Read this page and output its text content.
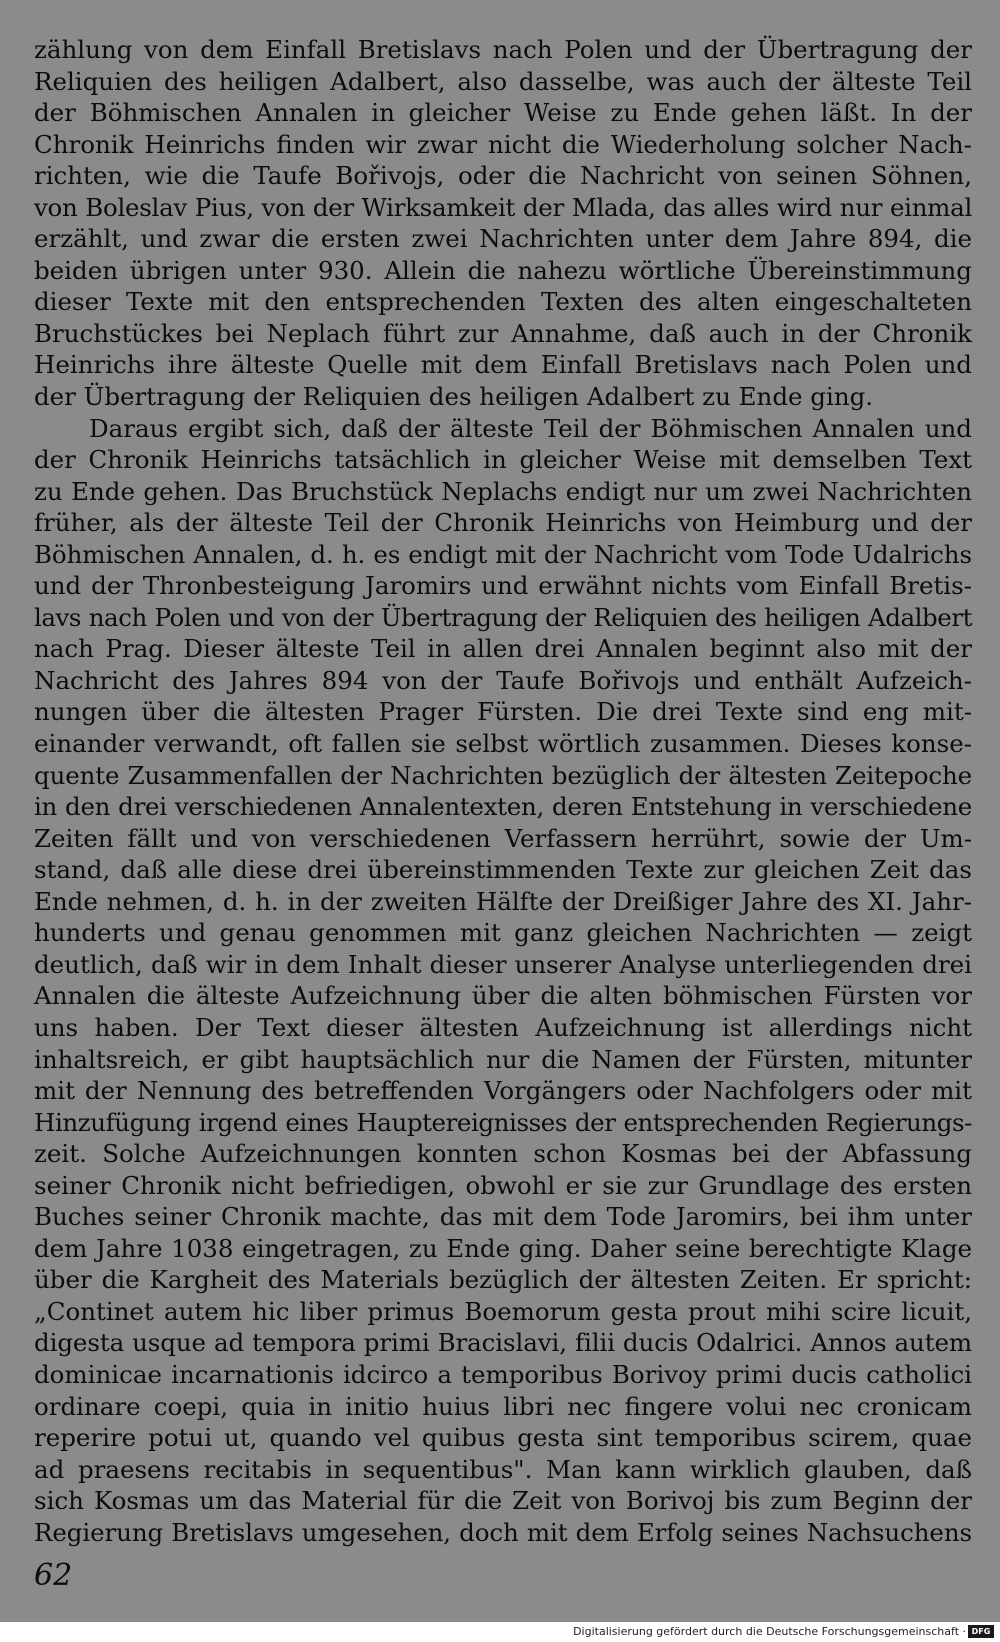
zählung von dem Einfall Bretislavs nach Polen und der Übertragung der
Reliquien des heiligen Adalbert, also dasselbe, was auch der älteste Teil
der Böhmischen Annalen in gleicher Weise zu Ende gehen läßt. In der
Chronik Heinrichs finden wir zwar nicht die Wiederholung solcher Nach-
richten, wie die Taufe Bořivojs, oder die Nachricht von seinen Söhnen,
von Boleslav Pius, von der Wirksamkeit der Mlada, das alles wird nur einmal
erzählt, und zwar die ersten zwei Nachrichten unter dem Jahre 894, die
beiden übrigen unter 930. Allein die nahezu wörtliche Übereinstimmung
dieser Texte mit den entsprechenden Texten des alten eingeschalteten
Bruchstückes bei Neplach führt zur Annahme, daß auch in der Chronik
Heinrichs ihre älteste Quelle mit dem Einfall Bretislavs nach Polen und
der Übertragung der Reliquien des heiligen Adalbert zu Ende ging.
Daraus ergibt sich, daß der älteste Teil der Böhmischen Annalen und
der Chronik Heinrichs tatsächlich in gleicher Weise mit demselben Text
zu Ende gehen. Das Bruchstück Neplachs endigt nur um zwei Nachrichten
früher, als der älteste Teil der Chronik Heinrichs von Heimburg und der
Böhmischen Annalen, d. h. es endigt mit der Nachricht vom Tode Udalrichs
und der Thronbesteigung Jaromirs und erwähnt nichts vom Einfall Bretis-
lavs nach Polen und von der Übertragung der Reliquien des heiligen Adalbert
nach Prag. Dieser älteste Teil in allen drei Annalen beginnt also mit der
Nachricht des Jahres 894 von der Taufe Bořivojs und enthält Aufzeich-
nungen über die ältesten Prager Fürsten. Die drei Texte sind eng mit-
einander verwandt, oft fallen sie selbst wörtlich zusammen. Dieses konse-
quente Zusammenfallen der Nachrichten bezüglich der ältesten Zeitepoche
in den drei verschiedenen Annalentexten, deren Entstehung in verschiedene
Zeiten fällt und von verschiedenen Verfassern herrührt, sowie der Um-
stand, daß alle diese drei übereinstimmenden Texte zur gleichen Zeit das
Ende nehmen, d. h. in der zweiten Hälfte der Dreißiger Jahre des XI. Jahr-
hunderts und genau genommen mit ganz gleichen Nachrichten — zeigt
deutlich, daß wir in dem Inhalt dieser unserer Analyse unterliegenden drei
Annalen die älteste Aufzeichnung über die alten böhmischen Fürsten vor
uns haben. Der Text dieser ältesten Aufzeichnung ist allerdings nicht
inhaltsreich, er gibt hauptsächlich nur die Namen der Fürsten, mitunter
mit der Nennung des betreffenden Vorgängers oder Nachfolgers oder mit
Hinzufügung irgend eines Hauptereignisses der entsprechenden Regierungs-
zeit. Solche Aufzeichnungen konnten schon Kosmas bei der Abfassung
seiner Chronik nicht befriedigen, obwohl er sie zur Grundlage des ersten
Buches seiner Chronik machte, das mit dem Tode Jaromirs, bei ihm unter
dem Jahre 1038 eingetragen, zu Ende ging. Daher seine berechtigte Klage
über die Kargheit des Materials bezüglich der ältesten Zeiten. Er spricht:
„Continet autem hic liber primus Boemorum gesta prout mihi scire licuit,
digesta usque ad tempora primi Bracislavi, filii ducis Odalrici. Annos autem
dominicae incarnationis idcirco a temporibus Borivoy primi ducis catholici
ordinare coepi, quia in initio huius libri nec fingere volui nec cronicam
reperire potui ut, quando vel quibus gesta sint temporibus scirem, quae
ad praesens recitabis in sequentibus". Man kann wirklich glauben, daß
sich Kosmas um das Material für die Zeit von Borivoj bis zum Beginn der
Regierung Bretislavs umgesehen, doch mit dem Erfolg seines Nachsuchens
62
Digitalisierung gefördert durch die Deutsche Forschungsgemeinschaft · DFG
